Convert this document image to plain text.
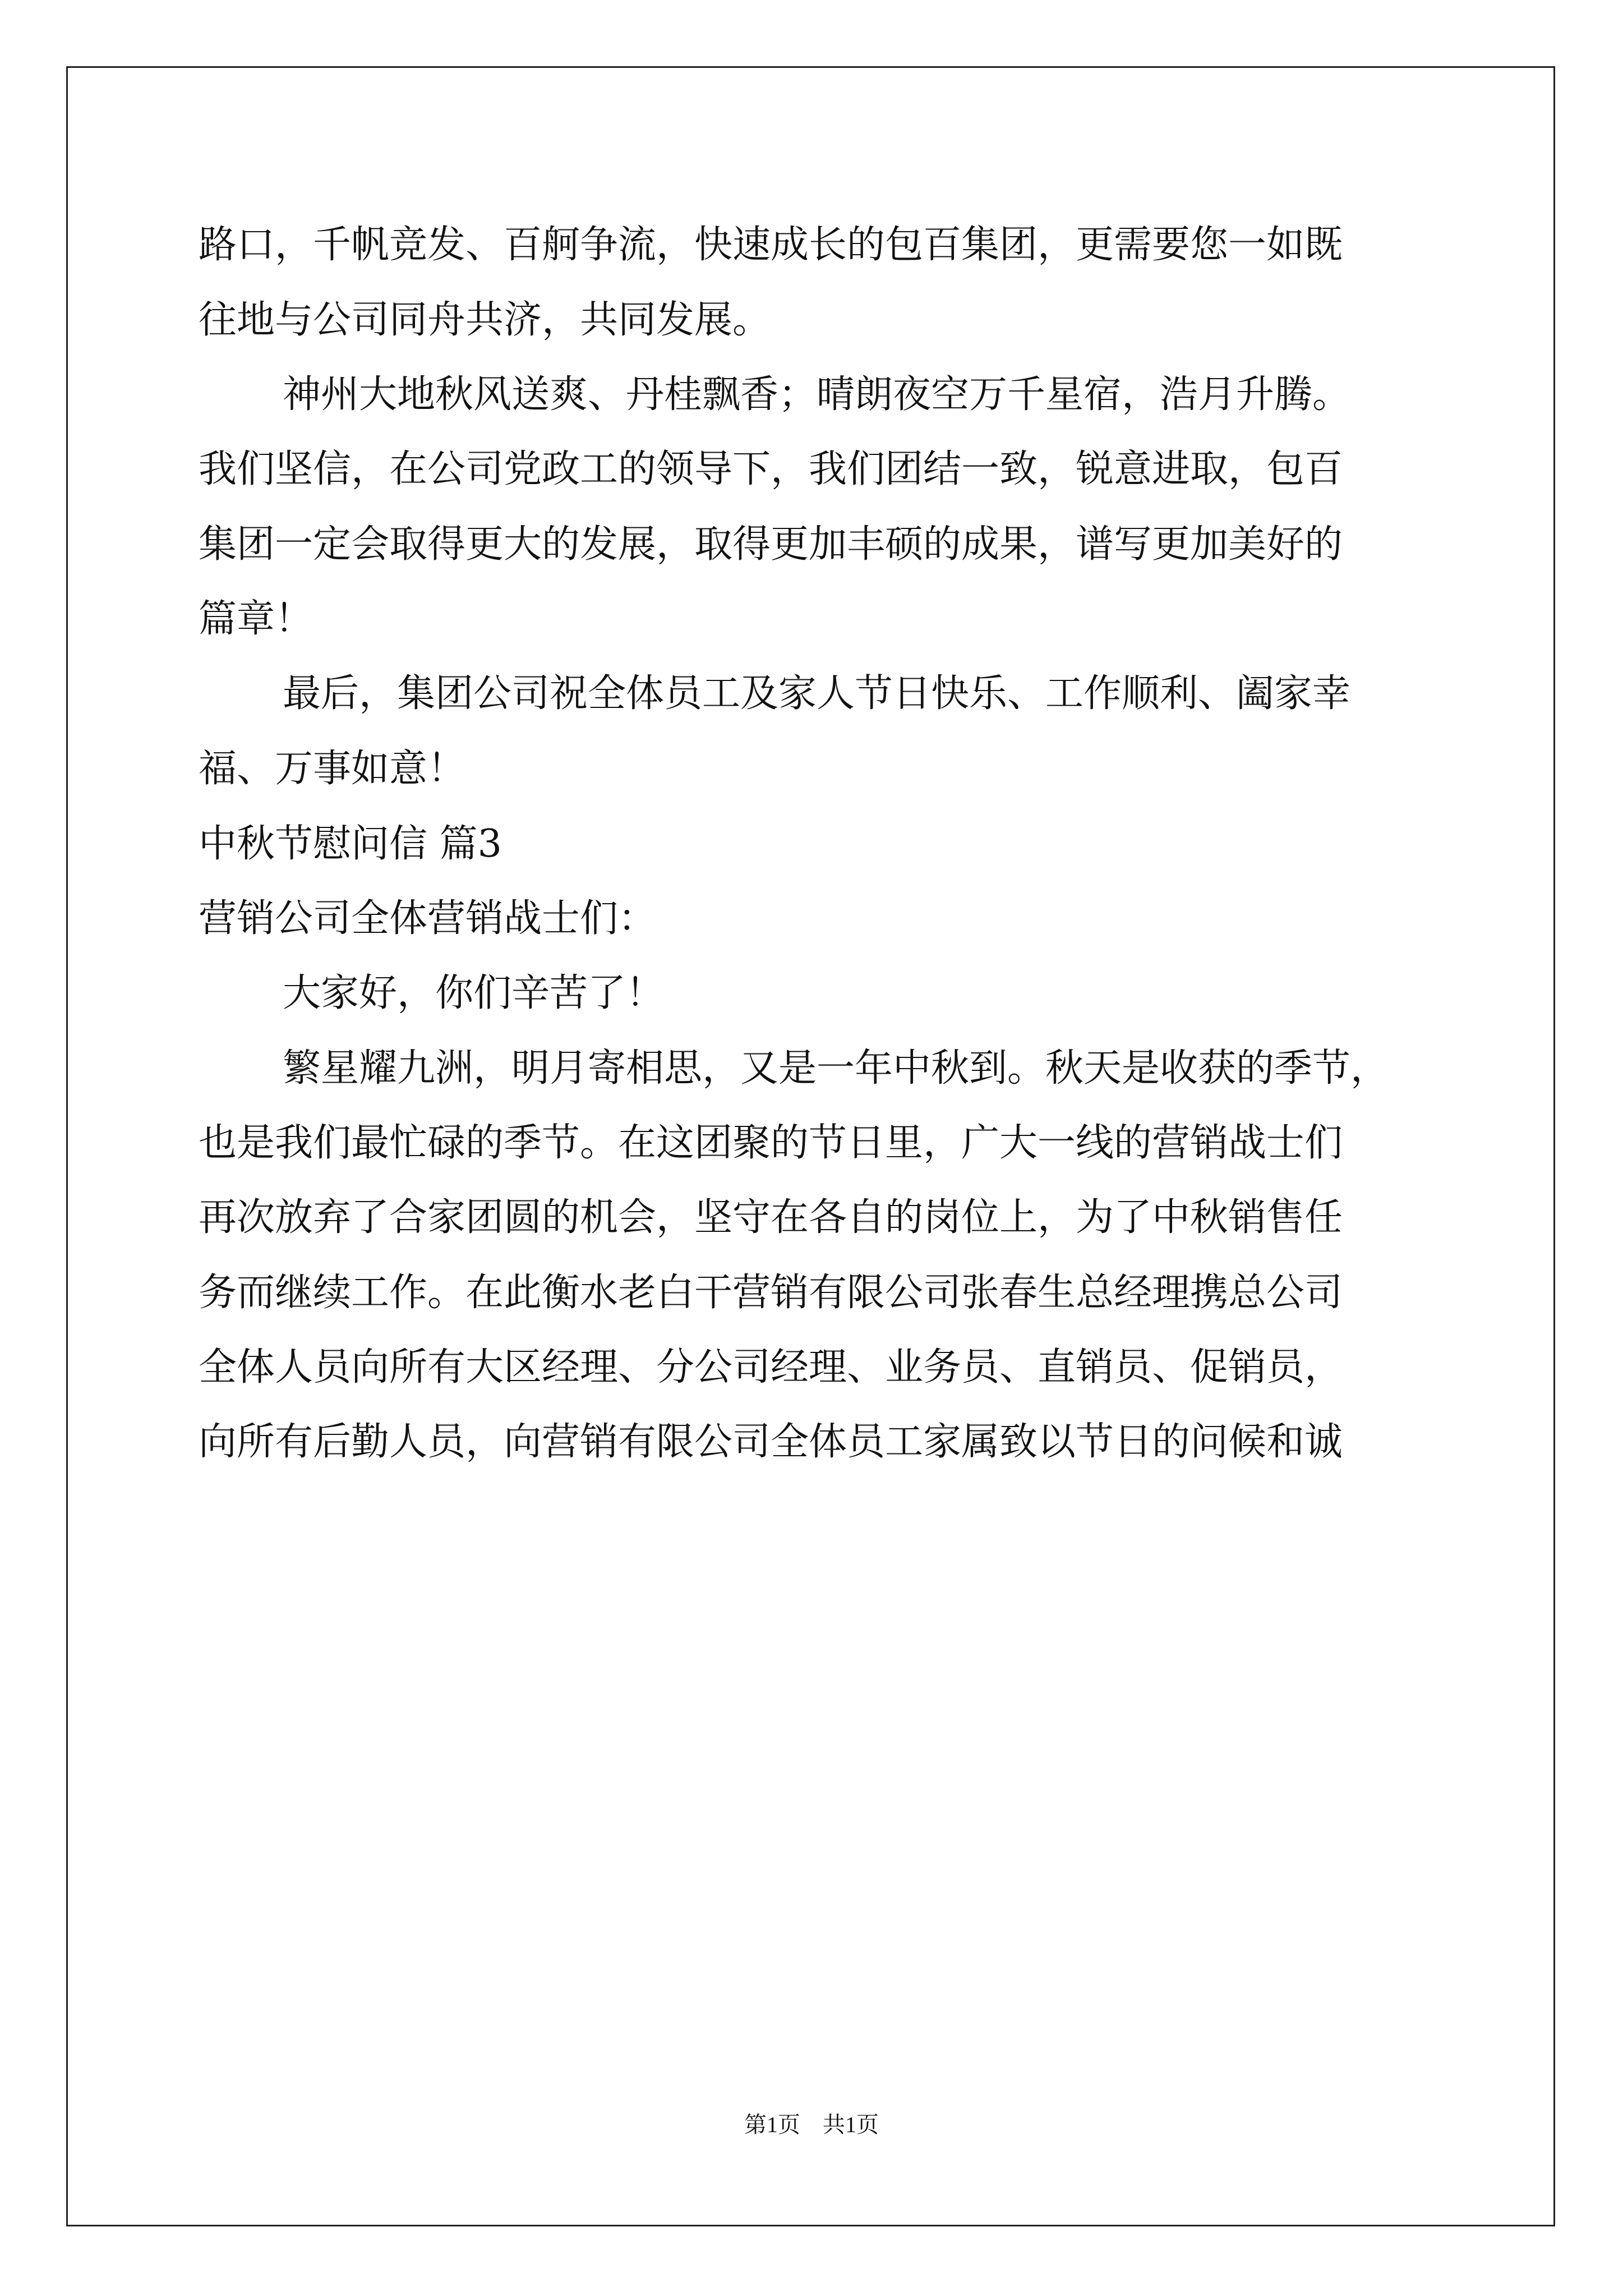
路口，千帆竞发、百舸争流，快速成长的包百集团，更需要您一如既
往地与公司同舟共济，共同发展。
神州大地秋风送爽、丹桂飘香；晴朗夜空万千星宿，浩月升腾。
我们坚信，在公司党政工的领导下，我们团结一致，锐意进取，包百
集团一定会取得更大的发展，取得更加丰硕的成果，谱写更加美好的
篇章！
最后，集团公司祝全体员工及家人节日快乐、工作顺利、阖家幸
福、万事如意！
中秋节慰问信 篇3
营销公司全体营销战士们：
大家好，你们辛苦了！
繁星耀九洲，明月寄相思，又是一年中秋到。秋天是收获的季节，
也是我们最忙碌的季节。在这团聚的节日里，广大一线的营销战士们
再次放弃了合家团圆的机会，坚守在各自的岗位上，为了中秋销售任
务而继续工作。在此衡水老白干营销有限公司张春生总经理携总公司
全体人员向所有大区经理、分公司经理、业务员、直销员、促销员，
向所有后勤人员，向营销有限公司全体员工家属致以节日的问候和诚
第1页　共1页
